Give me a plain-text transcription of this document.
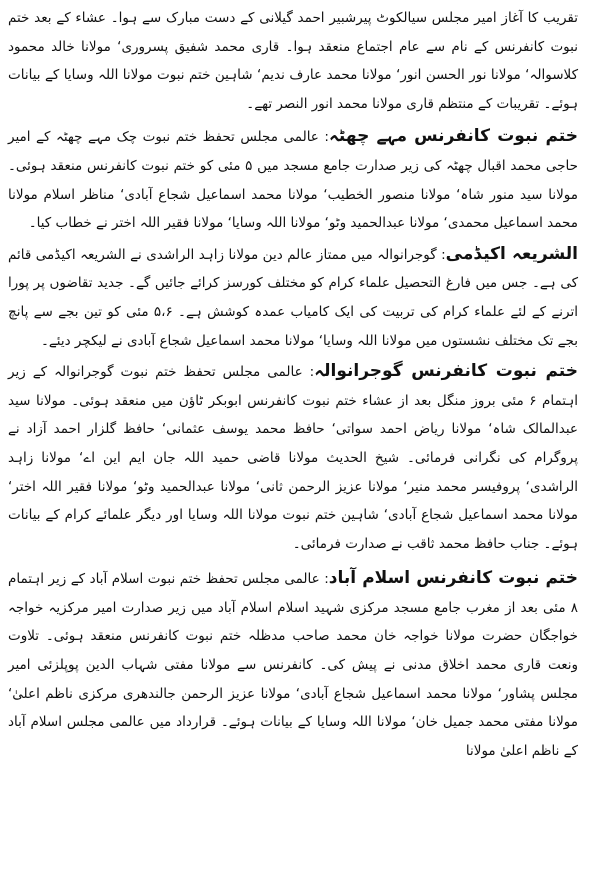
تقریب کا آغاز امیر مجلس سیالکوٹ پیرشبیر احمد گیلانی کے دست مبارک سے ہوا۔ عشاء کے بعد ختم نبوت کانفرنس کے نام سے عام اجتماع منعقد ہوا۔ قاری محمد شفیق پسروری‘ مولانا خالد محمود کلاسوالہ‘ مولانا نور الحسن انور‘ مولانا محمد عارف ندیم‘ شاہین ختم نبوت مولانا اللہ وسایا کے بیانات ہوئے۔ تقریبات کے منتظم قاری مولانا محمد انور النصر تھے۔

ختم نبوت کانفرنس مہے چھٹہ: عالمی مجلس تحفظ ختم نبوت چک مہے چھٹہ کے امیر حاجی محمد اقبال چھٹہ کی زیر صدارت جامع مسجد میں ۵ مئی کو ختم نبوت کانفرنس منعقد ہوئی۔ مولانا سید منور شاہ‘ مولانا منصور الخطیب‘ مولانا محمد اسماعیل شجاع آبادی‘ مناظر اسلام مولانا محمد اسماعیل محمدی‘ مولانا عبدالحمید وٹو‘ مولانا اللہ وسایا‘ مولانا فقیر اللہ اختر نے خطاب کیا۔

الشریعہ اکیڈمی: گوجرانوالہ میں ممتاز عالم دین مولانا زاہد الراشدی نے الشریعہ اکیڈمی قائم کی ہے۔ جس میں فارغ التحصیل علماء کرام کو مختلف کورسز کرائے جائیں گے۔ جدید تقاضوں پر پورا اترنے کے لئے علماء کرام کی تربیت کی ایک کامیاب عمدہ کوشش ہے۔ ۵،۶ مئی کو تین بجے سے پانچ بجے تک مختلف نشستوں میں مولانا اللہ وسایا‘ مولانا محمد اسماعیل شجاع آبادی نے لیکچر دیئے۔

ختم نبوت کانفرنس گوجرانوالہ: عالمی مجلس تحفظ ختم نبوت گوجرانوالہ کے زیر اہتمام ۶ مئی بروز منگل بعد از عشاء ختم نبوت کانفرنس ابوبکر ٹاؤن میں منعقد ہوئی۔ مولانا سید عبدالمالک شاہ‘ مولانا ریاض احمد سواتی‘ حافظ محمد یوسف عثمانی‘ حافظ گلزار احمد آزاد نے پروگرام کی نگرانی فرمائی۔ شیخ الحدیث مولانا قاضی حمید اللہ جان ایم این اے‘ مولانا زاہد الراشدی‘ پروفیسر محمد منیر‘ مولانا عزیز الرحمن ثانی‘ مولانا عبدالحمید وٹو‘ مولانا فقیر اللہ اختر‘ مولانا محمد اسماعیل شجاع آبادی‘ شاہین ختم نبوت مولانا اللہ وسایا اور دیگر علمائے کرام کے بیانات ہوئے۔ جناب حافظ محمد ثاقب نے صدارت فرمائی۔

ختم نبوت کانفرنس اسلام آباد: عالمی مجلس تحفظ ختم نبوت اسلام آباد کے زیر اہتمام ۸ مئی بعد از مغرب جامع مسجد مرکزی شہید اسلام اسلام آباد میں زیر صدارت امیر مرکزیہ خواجہ خواجگان حضرت مولانا خواجہ خان محمد صاحب مدظلہ ختم نبوت کانفرنس منعقد ہوئی۔ تلاوت ونعت قاری محمد اخلاق مدنی نے پیش کی۔ کانفرنس سے مولانا مفتی شہاب الدین پوپلزئی امیر مجلس پشاور‘ مولانا محمد اسماعیل شجاع آبادی‘ مولانا عزیز الرحمن جالندھری مرکزی ناظم اعلیٰ‘ مولانا مفتی محمد جمیل خان‘ مولانا اللہ وسایا کے بیانات ہوئے۔ قرارداد میں عالمی مجلس اسلام آباد کے ناظم اعلیٰ مولانا
